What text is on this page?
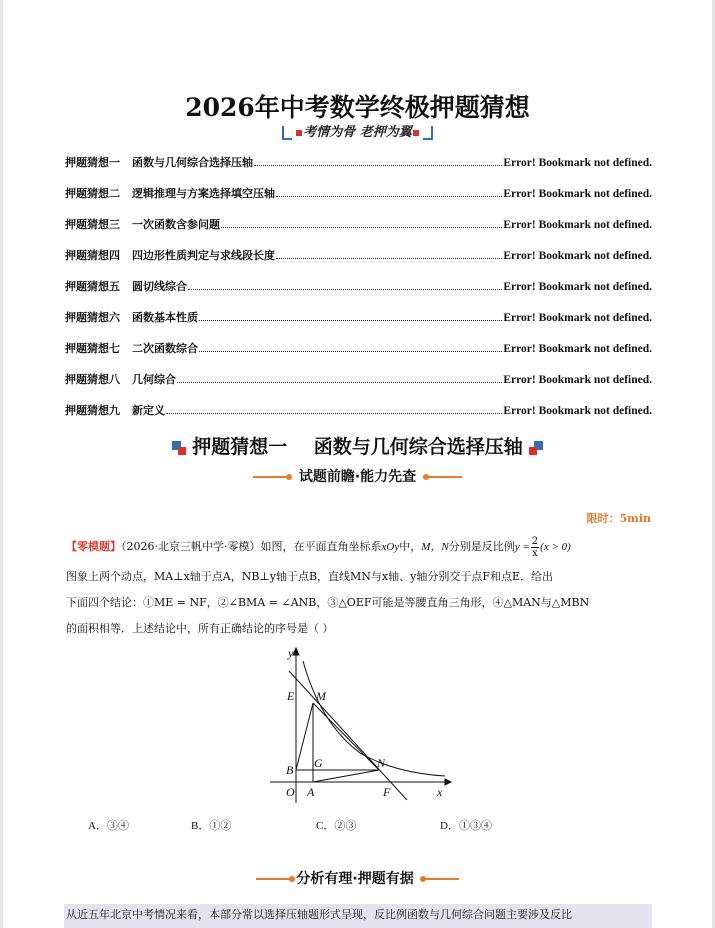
2026年中考数学终极押题猜想
考情为骨 老押为翼
押题猜想一 函数与几何综合选择压轴	Error! Bookmark not defined.
押题猜想二 逻辑推理与方案选择填空压轴	Error! Bookmark not defined.
押题猜想三 一次函数含参问题	Error! Bookmark not defined.
押题猜想四 四边形性质判定与求线段长度	Error! Bookmark not defined.
押题猜想五 圆切线综合	Error! Bookmark not defined.
押题猜想六 函数基本性质	Error! Bookmark not defined.
押题猜想七 二次函数综合	Error! Bookmark not defined.
押题猜想八 几何综合	Error! Bookmark not defined.
押题猜想九 新定义	Error! Bookmark not defined.
押题猜想一    函数与几何综合选择压轴
试题前瞻·能力先查
限时：5min
【零模题】（2026·北京三帆中学·零模）如图，在平面直角坐标系xOy中，M，N分别是反比例$y = \frac{2}{x} (x > 0)$
图象上两个动点，MA⊥x轴于点A，NB⊥y轴于点B，直线MN与x轴、y轴分别交于点F和点E．给出
下面四个结论：①ME = NF，②∠BMA = ∠ANB，③△OEF可能是等腰直角三角形，④△MAN与△MBN
的面积相等．上述结论中，所有正确结论的序号是（ ）
y
x
E M
B G	N
O A	F
A．③④	B．①②	C．②③	D．①③④
分析有理·押题有据
从近五年北京中考情况来看，本部分常以选择压轴题形式呈现，反比例函数与几何综合问题主要涉及反比
